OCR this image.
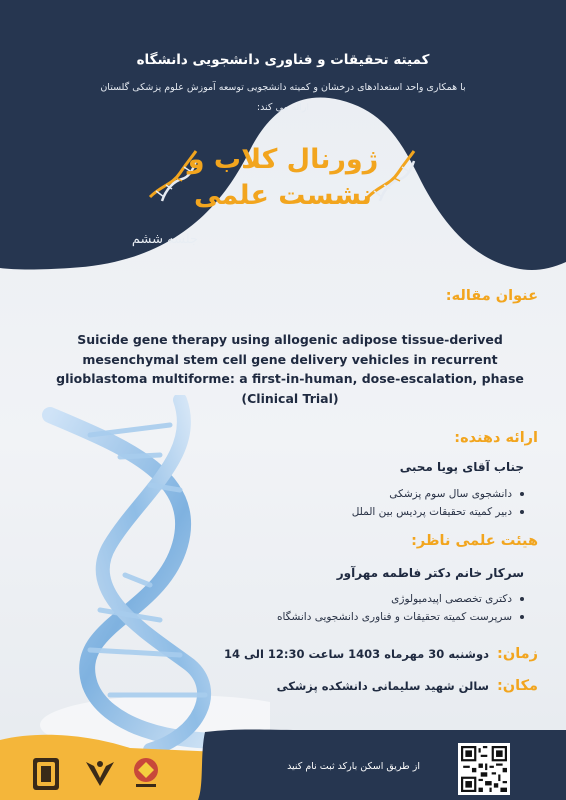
کمیته تحقیقات و فناوری دانشجویی دانشگاه
با همکاری واحد استعدادهای درخشان و کمیته دانشجویی توسعه آموزش علوم پزشکی گلستان
ارائه می کند:
ژورنال کلاب و
نشست علمی
جلسه ششم
عنوان مقاله:
Suicide gene therapy using allogenic adipose tissue-derived mesenchymal stem cell gene delivery vehicles in recurrent glioblastoma multiforme: a first-in-human, dose-escalation, phase (Clinical Trial)
ارائه دهنده:
جناب آقای پویا محبی
دانشجوی سال سوم پزشکی
دبیر کمیته تحقیقات پردیس بین الملل
هیئت علمی ناظر:
سرکار خانم دکتر فاطمه مهرآور
دکتری تخصصی اپیدمیولوژی
سرپرست کمیته تحقیقات و فناوری دانشجویی دانشگاه
زمان:
دوشنبه 30 مهرماه 1403 ساعت 12:30 الی 14
مکان:
سالن شهید سلیمانی دانشکده پزشکی
از طریق اسکن بارکد ثبت نام کنید
